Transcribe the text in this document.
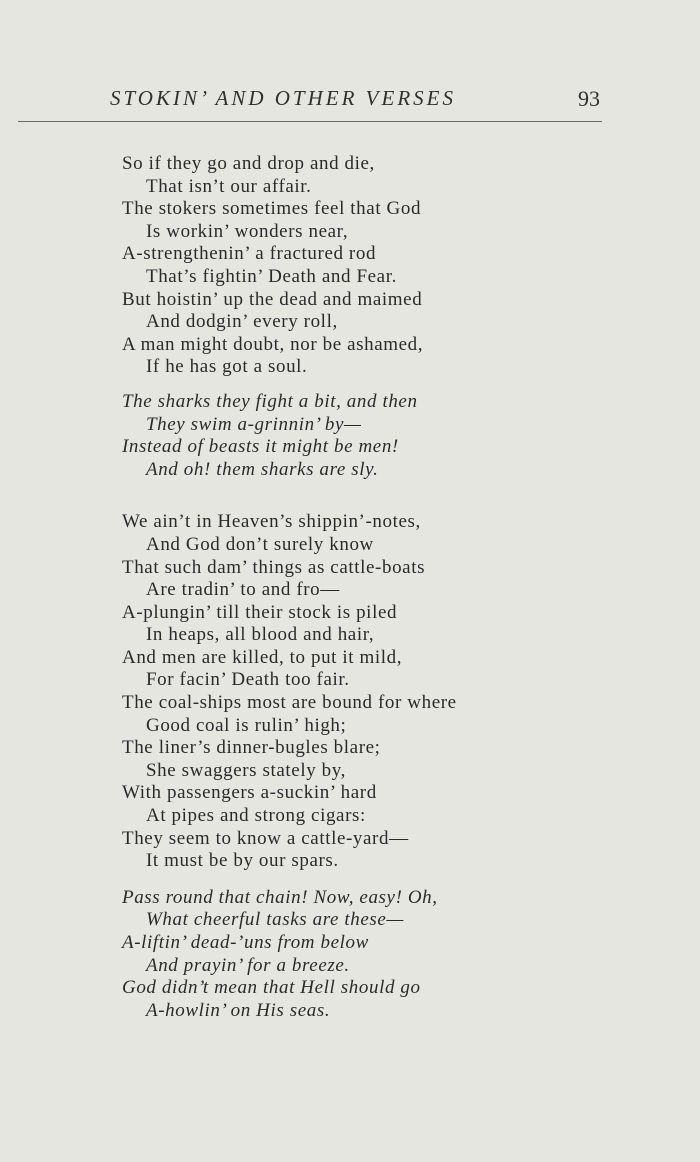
STOKIN’ AND OTHER VERSES	93
So if they go and drop and die,
That isn’t our affair.
The stokers sometimes feel that God
Is workin’ wonders near,
A-strengthenin’ a fractured rod
That’s fightin’ Death and Fear.
But hoistin’ up the dead and maimed
And dodgin’ every roll,
A man might doubt, nor be ashamed,
If he has got a soul.
The sharks they fight a bit, and then
They swim a-grinnin’ by—
Instead of beasts it might be men!
And oh! them sharks are sly.
We ain’t in Heaven’s shippin’-notes,
And God don’t surely know
That such dam’ things as cattle-boats
Are tradin’ to and fro—
A-plungin’ till their stock is piled
In heaps, all blood and hair,
And men are killed, to put it mild,
For facin’ Death too fair.
The coal-ships most are bound for where
Good coal is rulin’ high;
The liner’s dinner-bugles blare;
She swaggers stately by,
With passengers a-suckin’ hard
At pipes and strong cigars:
They seem to know a cattle-yard—
It must be by our spars.
Pass round that chain! Now, easy! Oh,
What cheerful tasks are these—
A-liftin’ dead-’uns from below
And prayin’ for a breeze.
God didn’t mean that Hell should go
A-howlin’ on His seas.
